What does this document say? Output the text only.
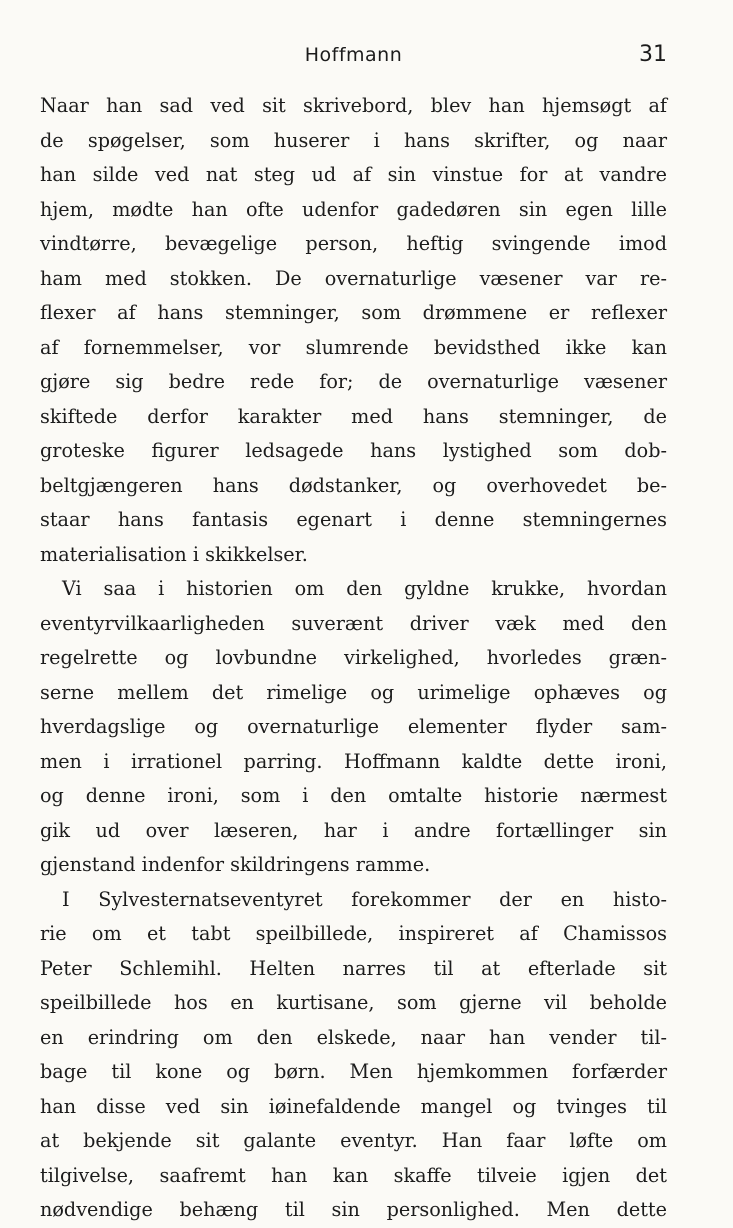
Hoffmann	31
Naar han sad ved sit skrivebord, blev han hjemsøgt af
de spøgelser, som huserer i hans skrifter, og naar
han silde ved nat steg ud af sin vinstue for at vandre
hjem, mødte han ofte udenfor gadedøren sin egen lille
vindtørre, bevægelige person, heftig svingende imod
ham med stokken. De overnaturlige væsener var re-
flexer af hans stemninger, som drømmene er reflexer
af fornemmelser, vor slumrende bevidsthed ikke kan
gjøre sig bedre rede for; de overnaturlige væsener
skiftede derfor karakter med hans stemninger, de
groteske figurer ledsagede hans lystighed som dob-
beltgjængeren hans dødstanker, og overhovedet be-
staar hans fantasis egenart i denne stemningernes
materialisation i skikkelser.
Vi saa i historien om den gyldne krukke, hvordan
eventyrvilkaarligheden suverænt driver væk med den
regelrette og lovbundne virkelighed, hvorledes græn-
serne mellem det rimelige og urimelige ophæves og
hverdagslige og overnaturlige elementer flyder sam-
men i irrationel parring. Hoffmann kaldte dette ironi,
og denne ironi, som i den omtalte historie nærmest
gik ud over læseren, har i andre fortællinger sin
gjenstand indenfor skildringens ramme.
I Sylvesternatseventyret forekommer der en histo-
rie om et tabt speilbillede, inspireret af Chamissos
Peter Schlemihl. Helten narres til at efterlade sit
speilbillede hos en kurtisane, som gjerne vil beholde
en erindring om den elskede, naar han vender til-
bage til kone og børn. Men hjemkommen forfærder
han disse ved sin iøinefaldende mangel og tvinges til
at bekjende sit galante eventyr. Han faar løfte om
tilgivelse, saafremt han kan skaffe tilveie igjen det
nødvendige behæng til sin personlighed. Men dette
